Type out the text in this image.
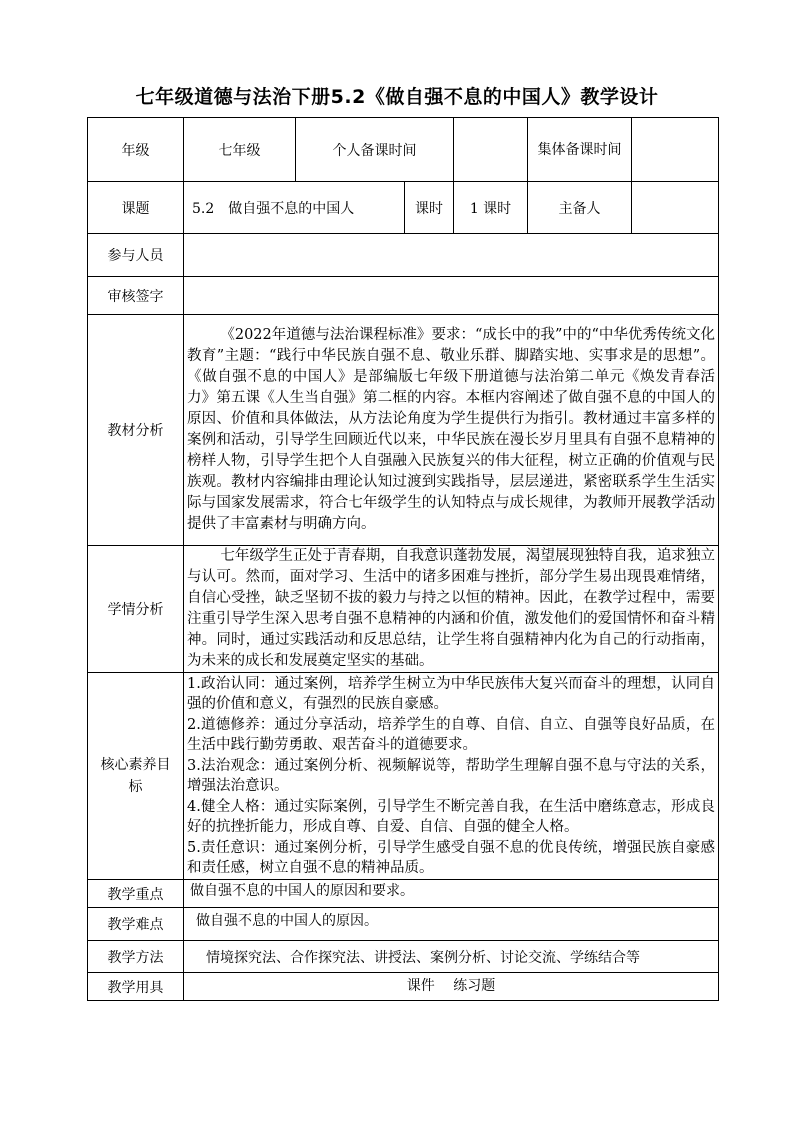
七年级道德与法治下册5.2《做自强不息的中国人》教学设计
年级	七年级	个人备课时间			集体备课时间	
课题	5.2　做自强不息的中国人		课时	1 课时	主备人	
参与人员						
审核签字						
教材分析	《2022年道德与法治课程标准》要求：“成长中的我”中的“中华优秀传统文化教育”主题：“践行中华民族自强不息、敬业乐群、脚踏实地、实事求是的思想”。《做自强不息的中国人》是部编版七年级下册道德与法治第二单元《焕发青春活力》第五课《人生当自强》第二框的内容。本框内容阐述了做自强不息的中国人的原因、价值和具体做法，从方法论角度为学生提供行为指引。教材通过丰富多样的案例和活动，引导学生回顾近代以来，中华民族在漫长岁月里具有自强不息精神的榜样人物，引导学生把个人自强融入民族复兴的伟大征程，树立正确的价值观与民族观。教材内容编排由理论认知过渡到实践指导，层层递进，紧密联系学生生活实际与国家发展需求，符合七年级学生的认知特点与成长规律，为教师开展教学活动提供了丰富素材与明确方向。					
学情分析	七年级学生正处于青春期，自我意识蓬勃发展，渴望展现独特自我，追求独立与认可。然而，面对学习、生活中的诸多困难与挫折，部分学生易出现畏难情绪，自信心受挫，缺乏坚韧不拔的毅力与持之以恒的精神。因此，在教学过程中，需要注重引导学生深入思考自强不息精神的内涵和价值，激发他们的爱国情怀和奋斗精神。同时，通过实践活动和反思总结，让学生将自强精神内化为自己的行动指南，为未来的成长和发展奠定坚实的基础。					
核心素养目标	1.政治认同：通过案例，培养学生树立为中华民族伟大复兴而奋斗的理想，认同自强的价值和意义，有强烈的民族自豪感。
2.道德修养：通过分享活动，培养学生的自尊、自信、自立、自强等良好品质，在生活中践行勤劳勇敢、艰苦奋斗的道德要求。
3.法治观念：通过案例分析、视频解说等，帮助学生理解自强不息与守法的关系，增强法治意识。
4.健全人格：通过实际案例，引导学生不断完善自我，在生活中磨练意志，形成良好的抗挫折能力，形成自尊、自爱、自信、自强的健全人格。
5.责任意识：通过案例分析，引导学生感受自强不息的优良传统，增强民族自豪感和责任感，树立自强不息的精神品质。					

教学重点	做自强不息的中国人的原因和要求。					
教学难点	做自强不息的中国人的原因。					
教学方法	情境探究法、合作探究法、讲授法、案例分析、讨论交流、学练结合等					
教学用具	课件　 练习题					
